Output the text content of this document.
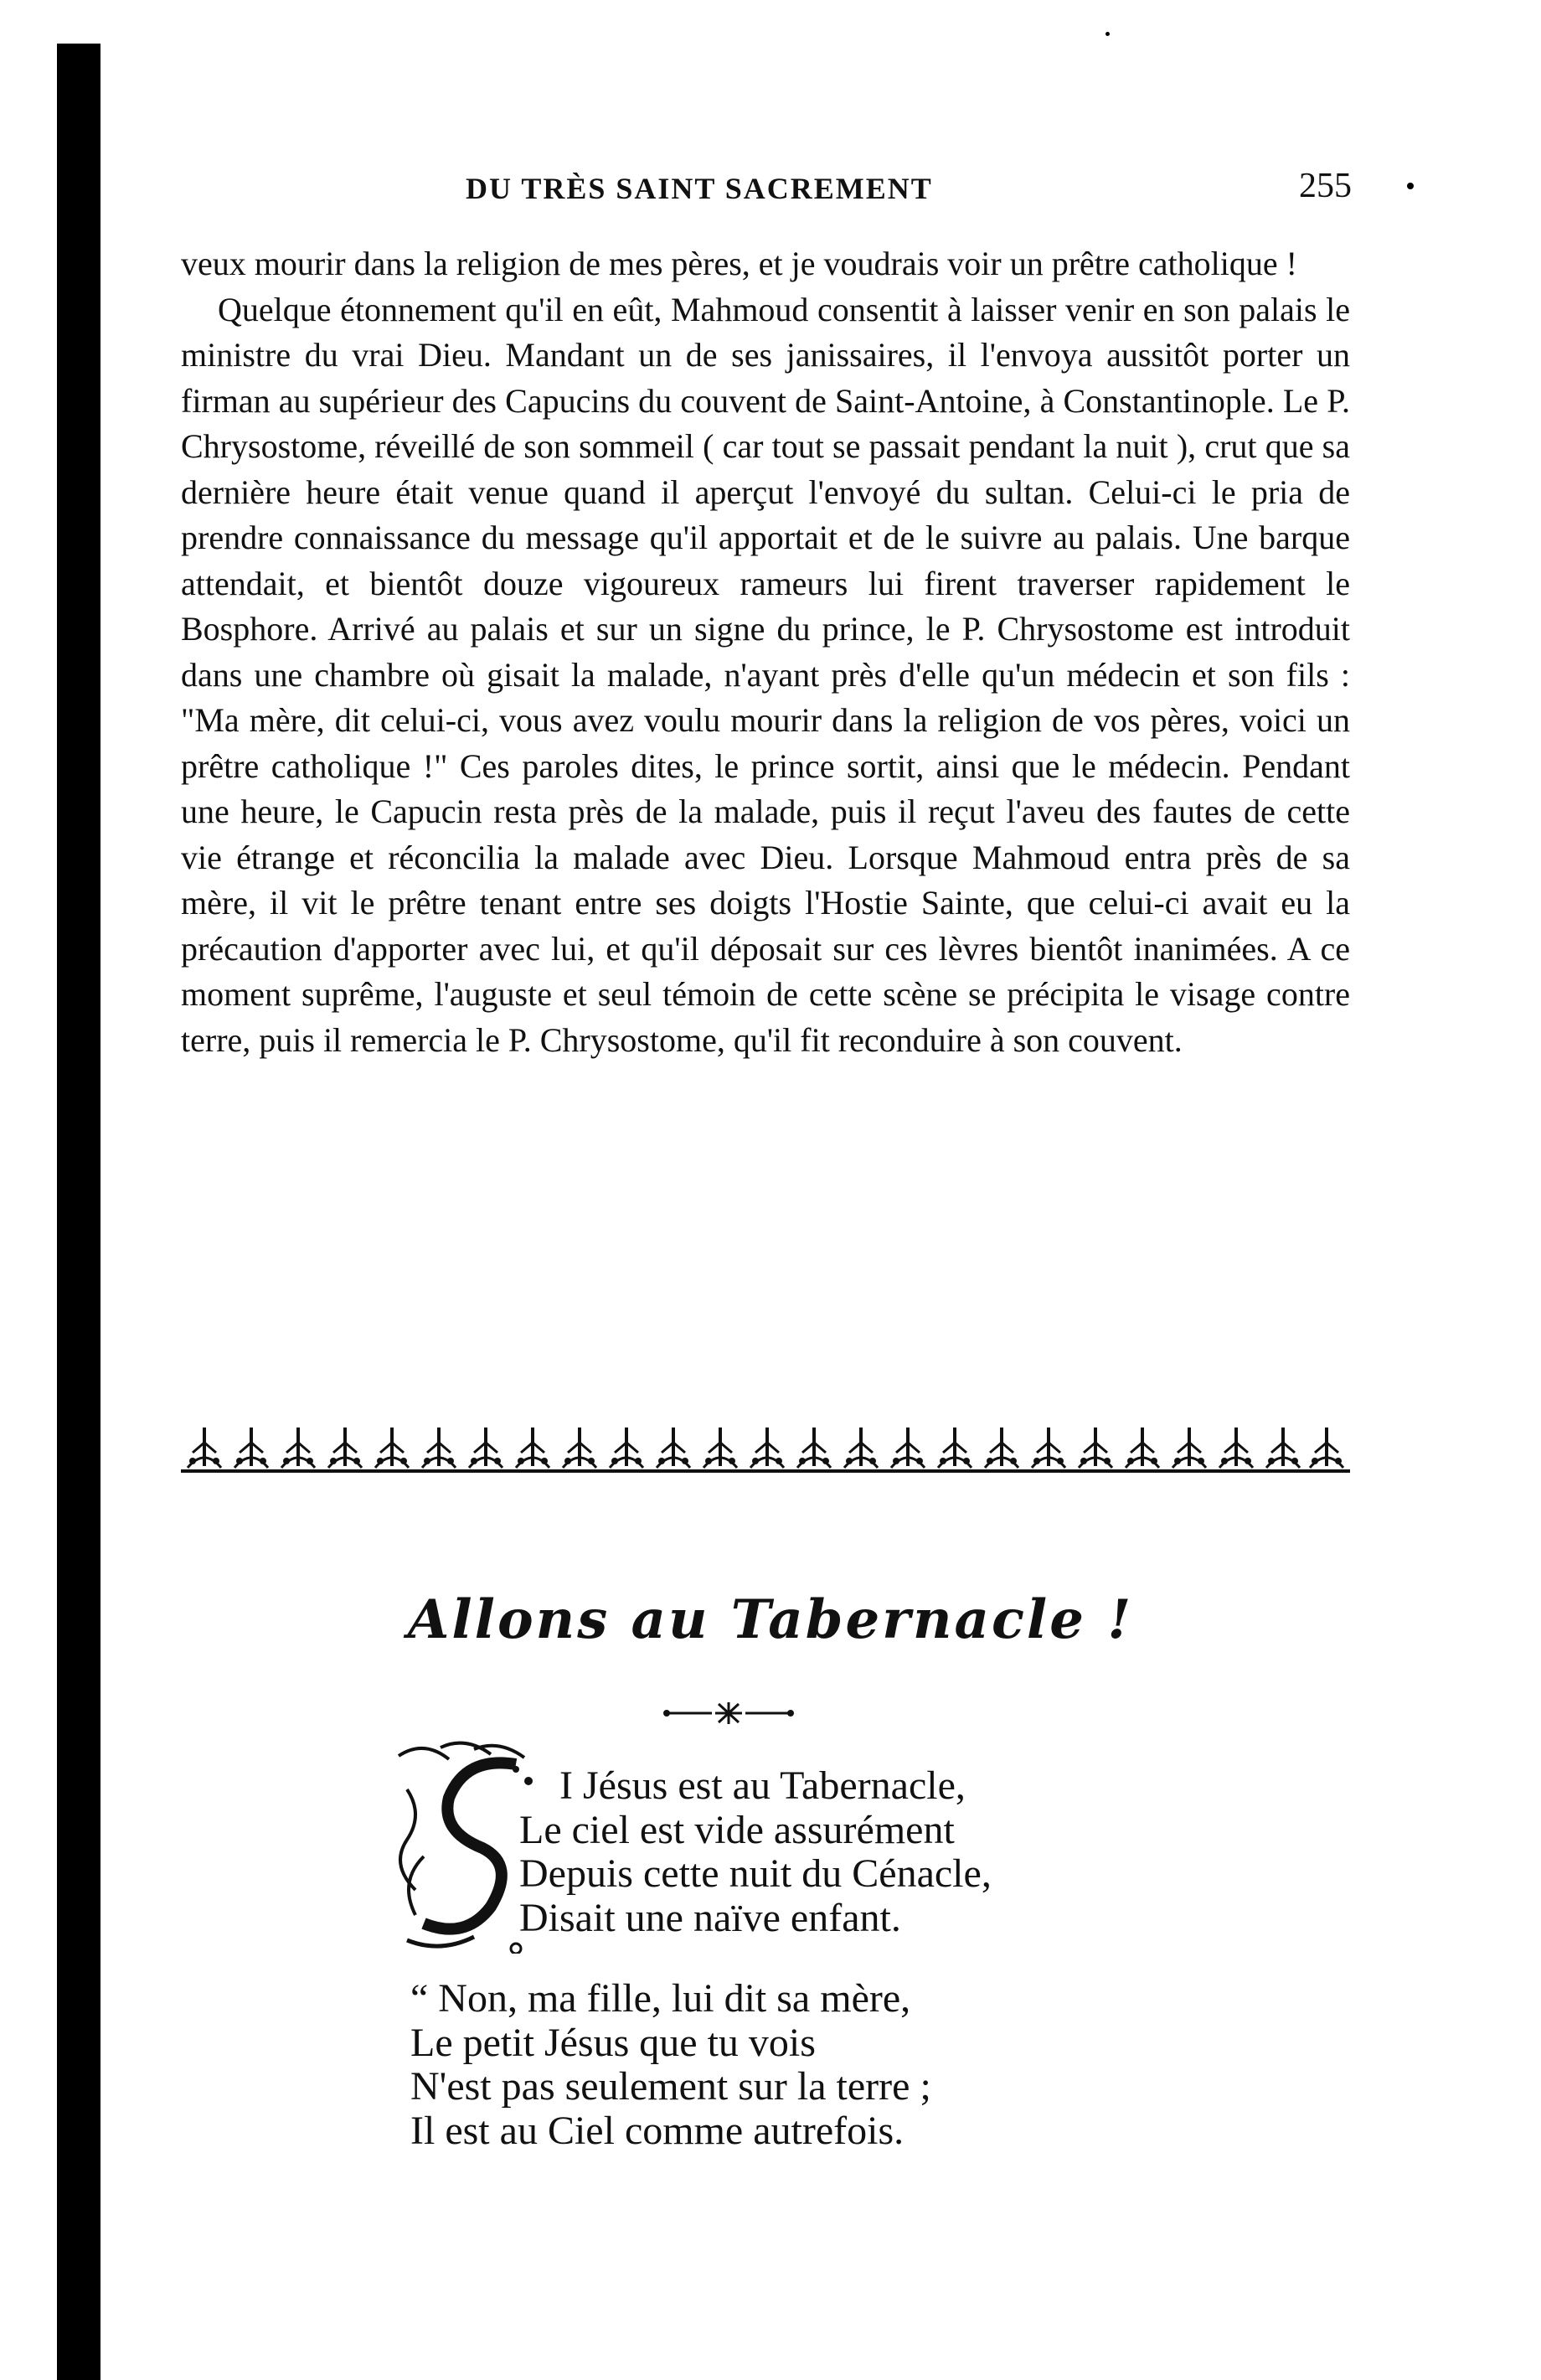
DU TRÈS SAINT SACREMENT	255

veux mourir dans la religion de mes pères, et je voudrais voir un prêtre catholique !

Quelque étonnement qu'il en eût, Mahmoud consentit à laisser venir en son palais le ministre du vrai Dieu. Mandant un de ses janissaires, il l'envoya aussitôt porter un firman au supérieur des Capucins du couvent de Saint-Antoine, à Constantinople. Le P. Chrysostome, réveillé de son sommeil ( car tout se passait pendant la nuit ), crut que sa dernière heure était venue quand il aperçut l'envoyé du sultan. Celui-ci le pria de prendre connaissance du message qu'il apportait et de le suivre au palais. Une barque attendait, et bientôt douze vigoureux rameurs lui firent traverser rapidement le Bosphore. Arrivé au palais et sur un signe du prince, le P. Chrysostome est introduit dans une chambre où gisait la malade, n'ayant près d'elle qu'un médecin et son fils : "Ma mère, dit celui-ci, vous avez voulu mourir dans la religion de vos pères, voici un prêtre catholique !" Ces paroles dites, le prince sortit, ainsi que le médecin. Pendant une heure, le Capucin resta près de la malade, puis il reçut l'aveu des fautes de cette vie étrange et réconcilia la malade avec Dieu. Lorsque Mahmoud entra près de sa mère, il vit le prêtre tenant entre ses doigts l'Hostie Sainte, que celui-ci avait eu la précaution d'apporter avec lui, et qu'il déposait sur ces lèvres bientôt inanimées. A ce moment suprême, l'auguste et seul témoin de cette scène se précipita le visage contre terre, puis il remercia le P. Chrysostome, qu'il fit reconduire à son couvent.

Allons au Tabernacle !
I Jésus est au Tabernacle,
Le ciel est vide assurément
Depuis cette nuit du Cénacle,
Disait une naïve enfant.
“ Non, ma fille, lui dit sa mère,
Le petit Jésus que tu vois
N'est pas seulement sur la terre ;
Il est au Ciel comme autrefois.
